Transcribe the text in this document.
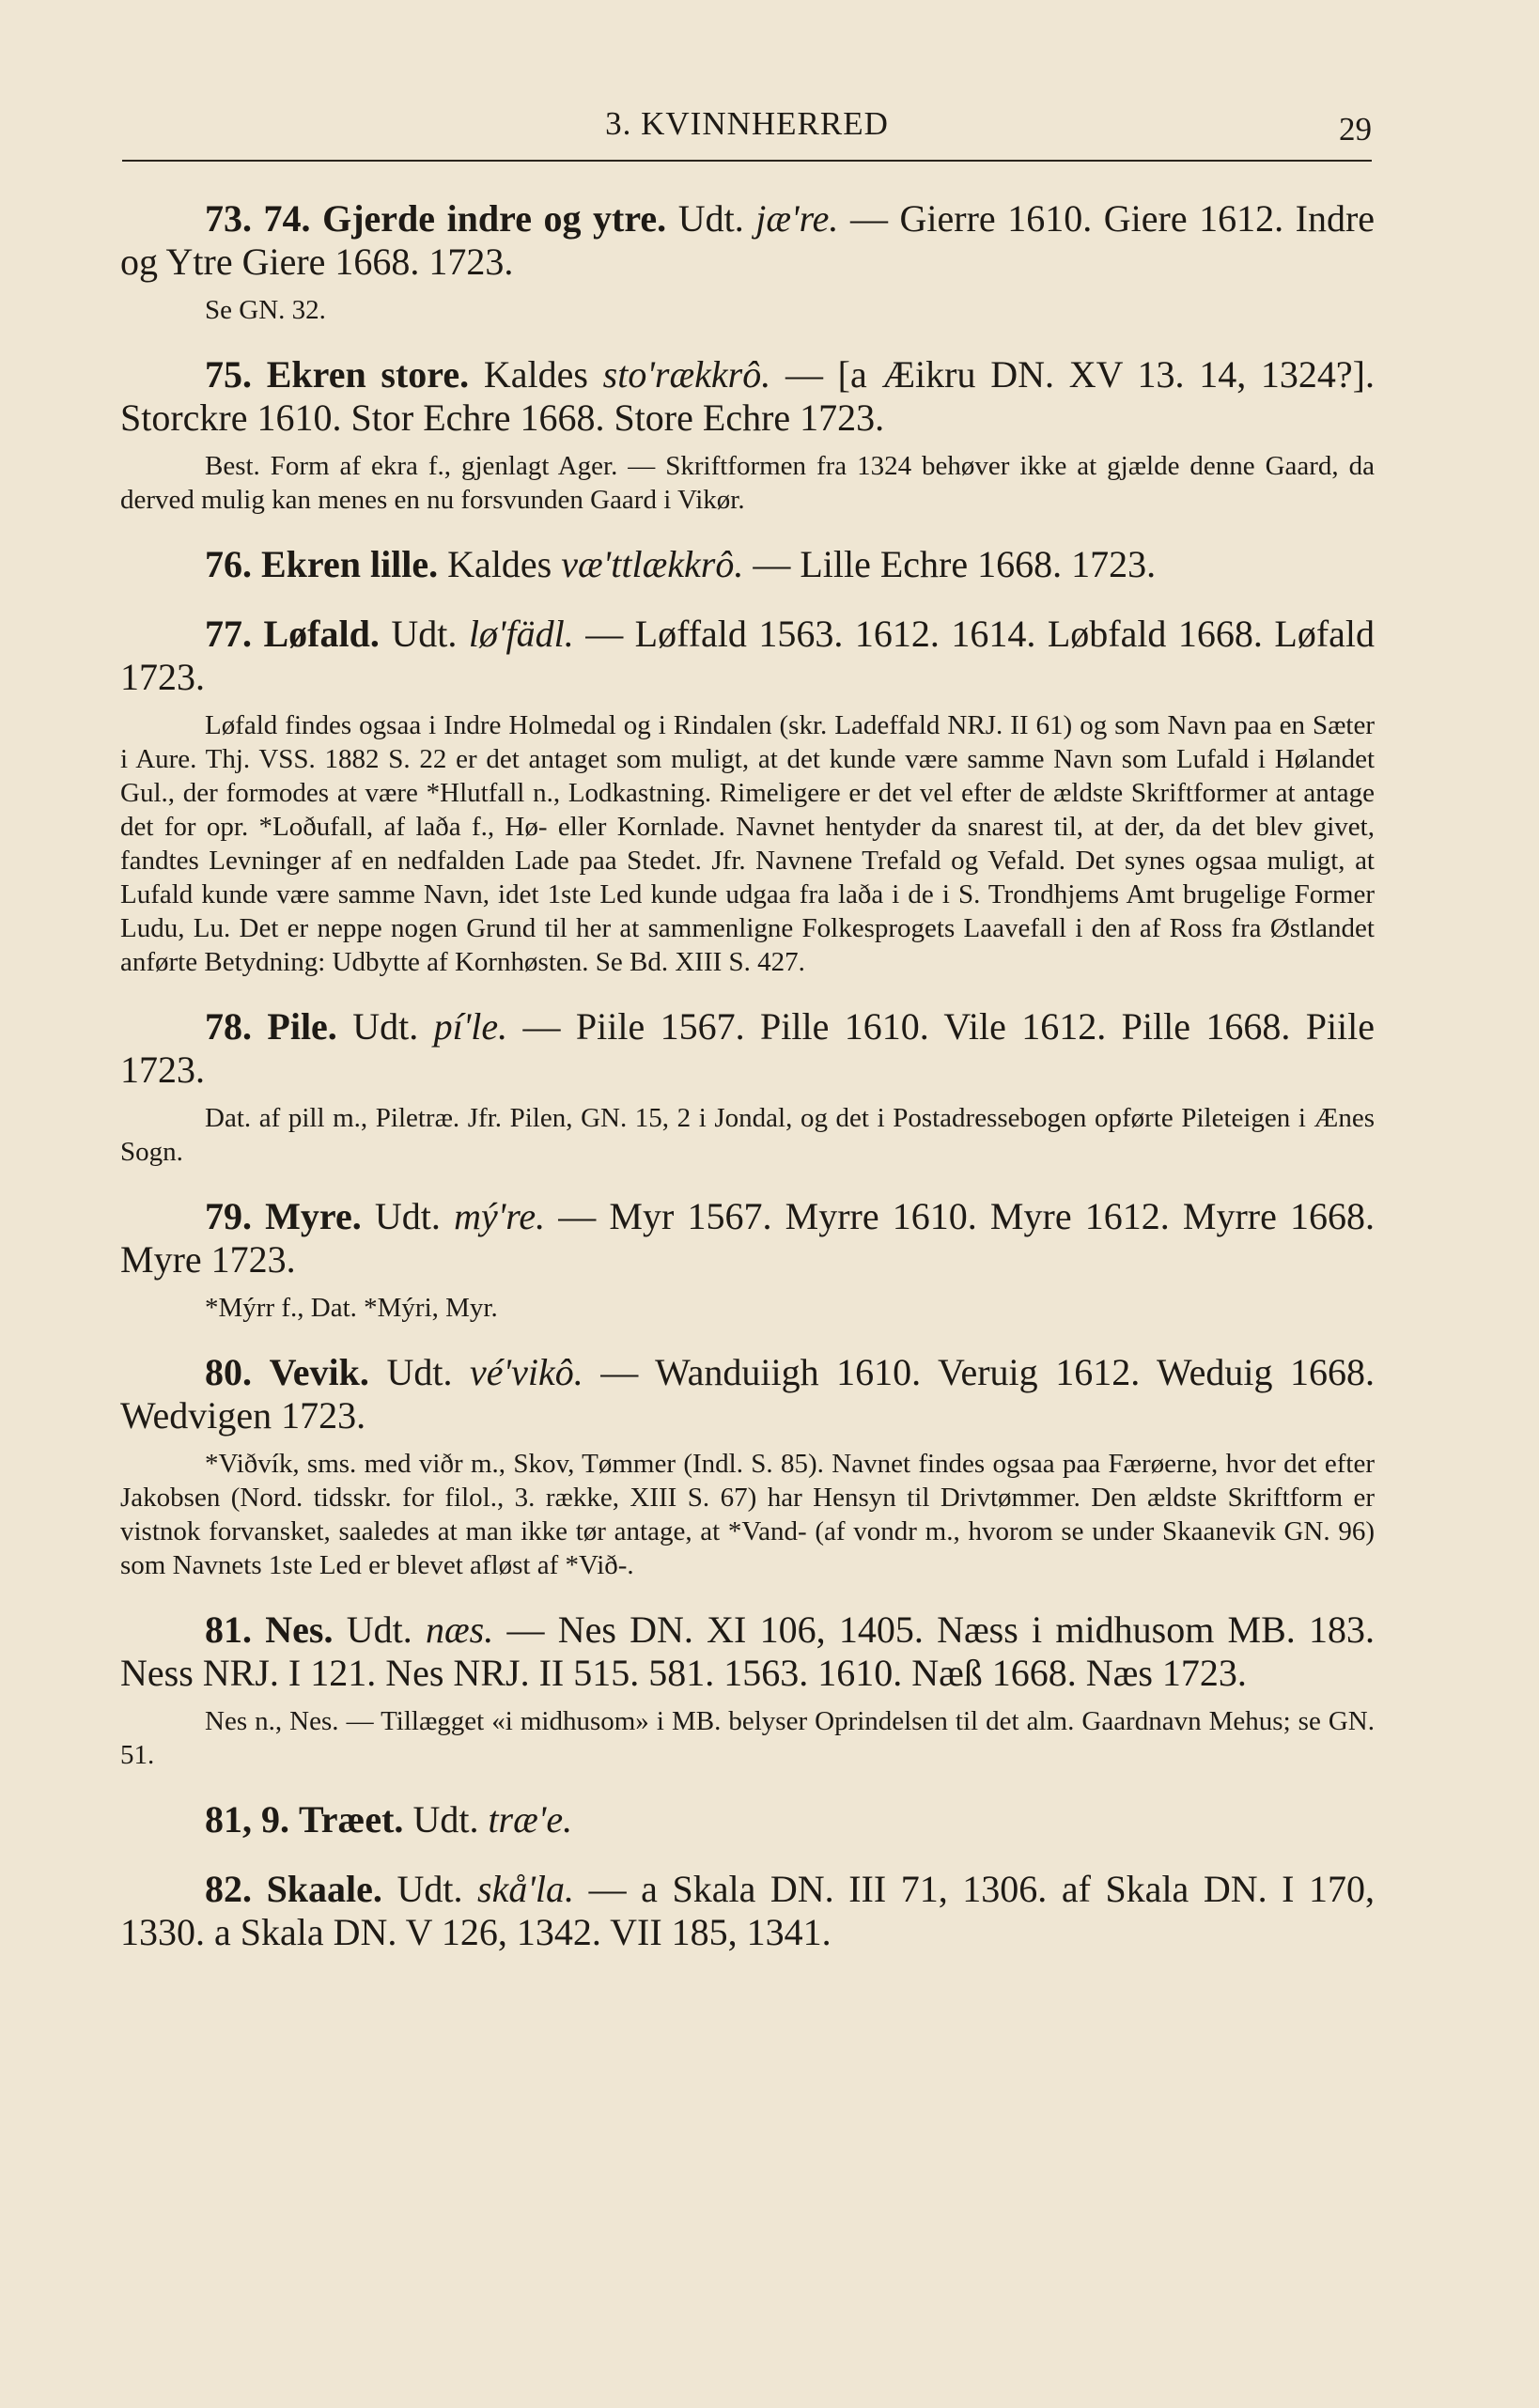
3. KVINNHERRED	29

73. 74. Gjerde indre og ytre. Udt. jæ're. — Gierre 1610. Giere 1612. Indre og Ytre Giere 1668. 1723.

Se GN. 32.

75. Ekren store. Kaldes sto'rækkrô. — [a Æikru DN. XV 13. 14, 1324?]. Storckre 1610. Stor Echre 1668. Store Echre 1723.

Best. Form af ekra f., gjenlagt Ager. — Skriftformen fra 1324 behøver ikke at gjælde denne Gaard, da derved mulig kan menes en nu forsvunden Gaard i Vikør.

76. Ekren lille. Kaldes væ'ttlækkrô. — Lille Echre 1668. 1723.

77. Løfald. Udt. lø'fädl. — Løffald 1563. 1612. 1614. Løbfald 1668. Løfald 1723.

Løfald findes ogsaa i Indre Holmedal og i Rindalen (skr. Ladeffald NRJ. II 61) og som Navn paa en Sæter i Aure. Thj. VSS. 1882 S. 22 er det antaget som muligt, at det kunde være samme Navn som Lufald i Hølandet Gul., der formodes at være *Hlutfall n., Lodkastning. Rimeligere er det vel efter de ældste Skriftformer at antage det for opr. *Loðufall, af laða f., Hø- eller Kornlade. Navnet hentyder da snarest til, at der, da det blev givet, fandtes Levninger af en nedfalden Lade paa Stedet. Jfr. Navnene Trefald og Vefald. Det synes ogsaa muligt, at Lufald kunde være samme Navn, idet 1ste Led kunde udgaa fra laða i de i S. Trondhjems Amt brugelige Former Ludu, Lu. Det er neppe nogen Grund til her at sammenligne Folkesprogets Laavefall i den af Ross fra Østlandet anførte Betydning: Udbytte af Kornhøsten. Se Bd. XIII S. 427.

78. Pile. Udt. pí'le. — Piile 1567. Pille 1610. Vile 1612. Pille 1668. Piile 1723.

Dat. af pill m., Piletræ. Jfr. Pilen, GN. 15, 2 i Jondal, og det i Postadressebogen opførte Pileteigen i Ænes Sogn.

79. Myre. Udt. mý're. — Myr 1567. Myrre 1610. Myre 1612. Myrre 1668. Myre 1723.

*Mýrr f., Dat. *Mýri, Myr.

80. Vevik. Udt. vé'vikô. — Wanduiigh 1610. Veruig 1612. Weduig 1668. Wedvigen 1723.

*Viðvík, sms. med viðr m., Skov, Tømmer (Indl. S. 85). Navnet findes ogsaa paa Færøerne, hvor det efter Jakobsen (Nord. tidsskr. for filol., 3. række, XIII S. 67) har Hensyn til Drivtømmer. Den ældste Skriftform er vistnok forvansket, saaledes at man ikke tør antage, at *Vand- (af vondr m., hvorom se under Skaanevik GN. 96) som Navnets 1ste Led er blevet afløst af *Við-.

81. Nes. Udt. næs. — Nes DN. XI 106, 1405. Næss i midhusom MB. 183. Ness NRJ. I 121. Nes NRJ. II 515. 581. 1563. 1610. Næß 1668. Næs 1723.

Nes n., Nes. — Tillægget «i midhusom» i MB. belyser Oprindelsen til det alm. Gaardnavn Mehus; se GN. 51.

81, 9. Træet. Udt. træ'e.

82. Skaale. Udt. skå'la. — a Skala DN. III 71, 1306. af Skala DN. I 170, 1330. a Skala DN. V 126, 1342. VII 185, 1341.
